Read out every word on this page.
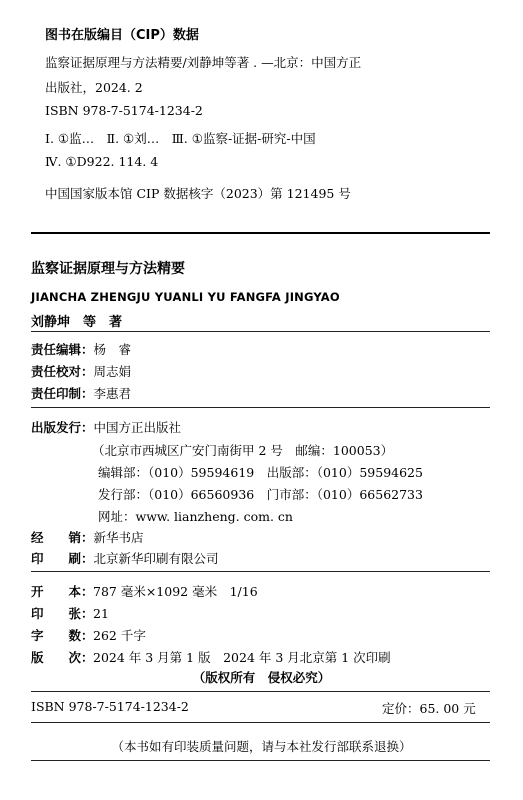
图书在版编目（CIP）数据
监察证据原理与方法精要/刘静坤等著 . —北京：中国方正
出版社，2024. 2
ISBN 978-7-5174-1234-2
Ⅰ. ①监…　Ⅱ. ①刘…　Ⅲ. ①监察-证据-研究-中国
Ⅳ. ①D922. 114. 4
中国国家版本馆 CIP 数据核字（2023）第 121495 号
监察证据原理与方法精要
JIANCHA ZHENGJU YUANLI YU FANGFA JINGYAO
刘静坤　等　著
责任编辑：杨　睿
责任校对：周志娟
责任印制：李惠君
出版发行：中国方正出版社
（北京市西城区广安门南街甲 2 号　邮编：100053）
编辑部：（010）59594619　出版部：（010）59594625
发行部：（010）66560936　门市部：（010）66562733
网址：www. lianzheng. com. cn
经　　销：新华书店
印　　刷：北京新华印刷有限公司
开　　本：787 毫米×1092 毫米　1/16
印　　张：21
字　　数：262 千字
版　　次：2024 年 3 月第 1 版　2024 年 3 月北京第 1 次印刷
（版权所有　侵权必究）
ISBN 978-7-5174-1234-2	定价：65. 00 元
（本书如有印装质量问题，请与本社发行部联系退换）
